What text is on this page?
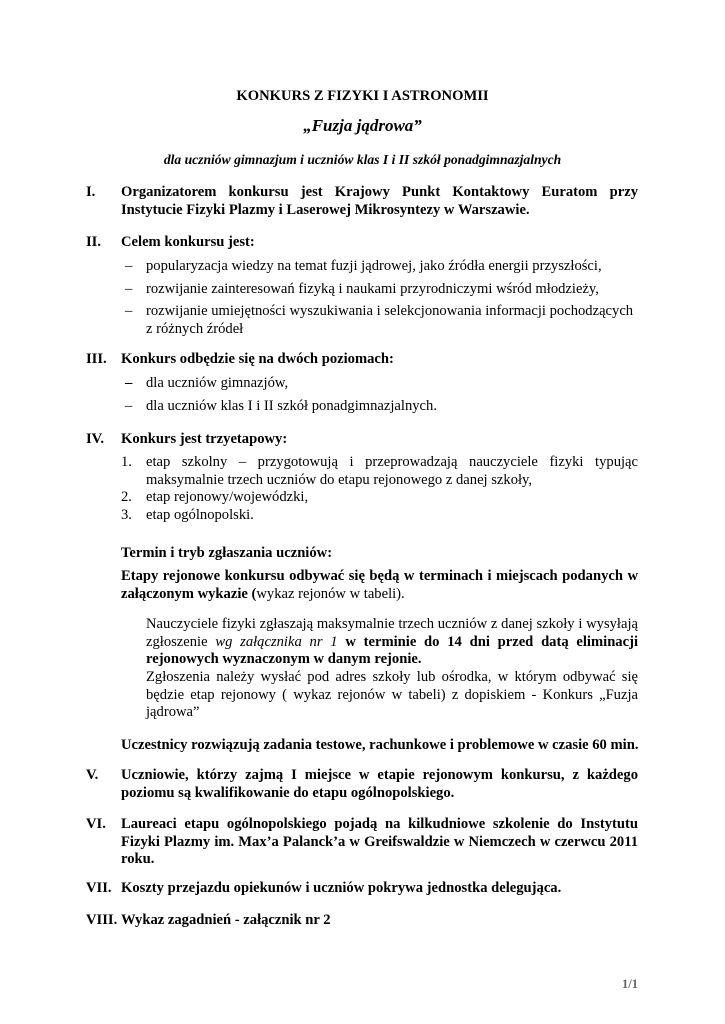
KONKURS Z FIZYKI I ASTRONOMII
„Fuzja jądrowa”
dla uczniów gimnazjum i uczniów klas I i II szkół ponadgimnazjalnych
I. Organizatorem konkursu jest Krajowy Punkt Kontaktowy Euratom przy Instytucie Fizyki Plazmy i Laserowej Mikrosyntezy w Warszawie.
II. Celem konkursu jest:
– popularyzacja wiedzy na temat fuzji jądrowej, jako źródła energii przyszłości,
– rozwijanie zainteresowań fizyką i naukami przyrodniczymi wśród młodzieży,
– rozwijanie umiejętności wyszukiwania i selekcjonowania informacji pochodzących z różnych źródeł
III. Konkurs odbędzie się na dwóch poziomach:
– dla uczniów gimnazjów,
– dla uczniów klas I i II szkół ponadgimnazjalnych.
IV. Konkurs jest trzyetapowy:
1. etap szkolny – przygotowują i przeprowadzają nauczyciele fizyki typując maksymalnie trzech uczniów do etapu rejonowego z danej szkoły,
2. etap rejonowy/wojewódzki,
3. etap ogólnopolski.
Termin i tryb zgłaszania uczniów:
Etapy rejonowe konkursu odbywać się będą w terminach i miejscach podanych w załączonym wykazie (wykaz rejonów w tabeli).
Nauczyciele fizyki zgłaszają maksymalnie trzech uczniów z danej szkoły i wysyłają zgłoszenie wg załącznika nr 1 w terminie do 14 dni przed datą eliminacji rejonowych wyznaczonym w danym rejonie.
Zgłoszenia należy wysłać pod adres szkoły lub ośrodka, w którym odbywać się będzie etap rejonowy ( wykaz rejonów w tabeli) z dopiskiem - Konkurs „Fuzja jądrowa”
Uczestnicy rozwiązują zadania testowe, rachunkowe i problemowe w czasie 60 min.
V. Uczniowie, którzy zajmą I miejsce w etapie rejonowym konkursu, z każdego poziomu są kwalifikowanie do etapu ogólnopolskiego.
VI. Laureaci etapu ogólnopolskiego pojadą na kilkudniowe szkolenie do Instytutu Fizyki Plazmy im. Max’a Palanck’a w Greifswaldzie w Niemczech w czerwcu 2011 roku.
VII. Koszty przejazdu opiekunów i uczniów pokrywa jednostka delegująca.
VIII. Wykaz zagadnień - załącznik nr 2
1/1
